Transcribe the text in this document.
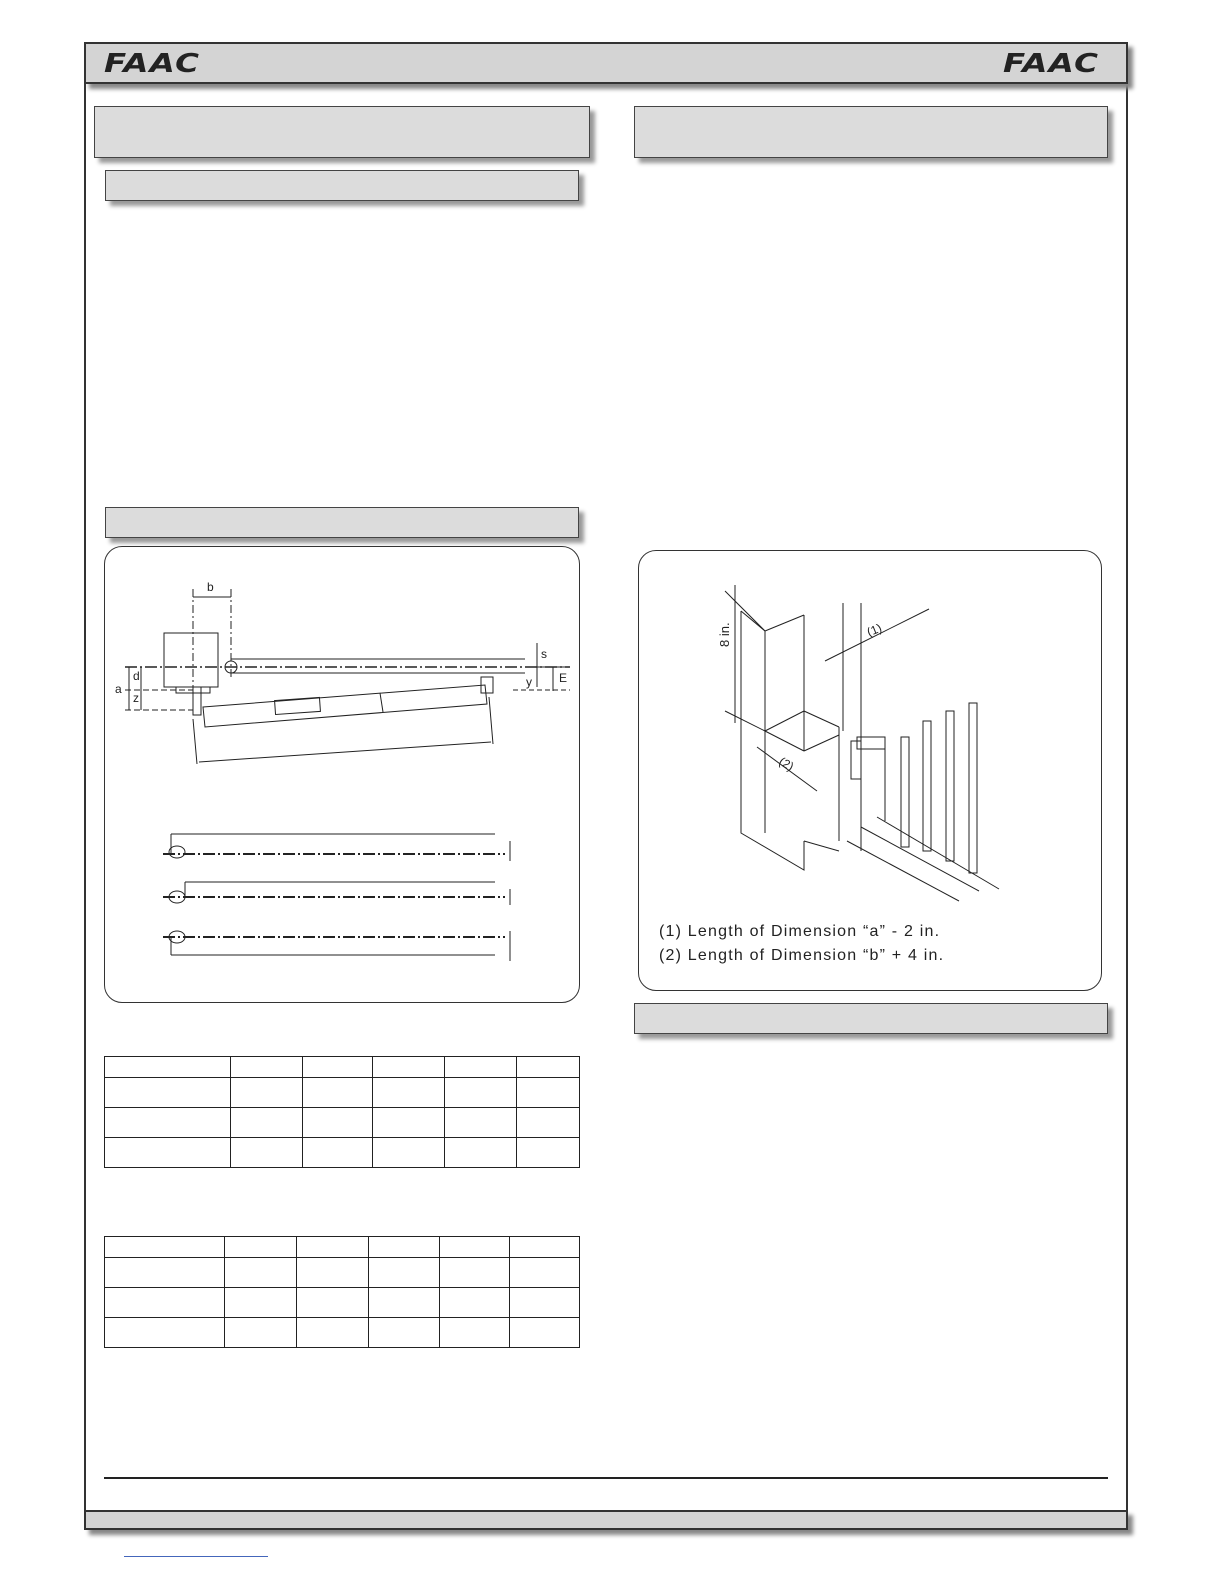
FAAC	FAAC
b
s
d
a
z
y E

8 in.	(1)
(2)
(1) Length of Dimension “a” - 2 in.
(2) Length of Dimension “b” + 4 in.
